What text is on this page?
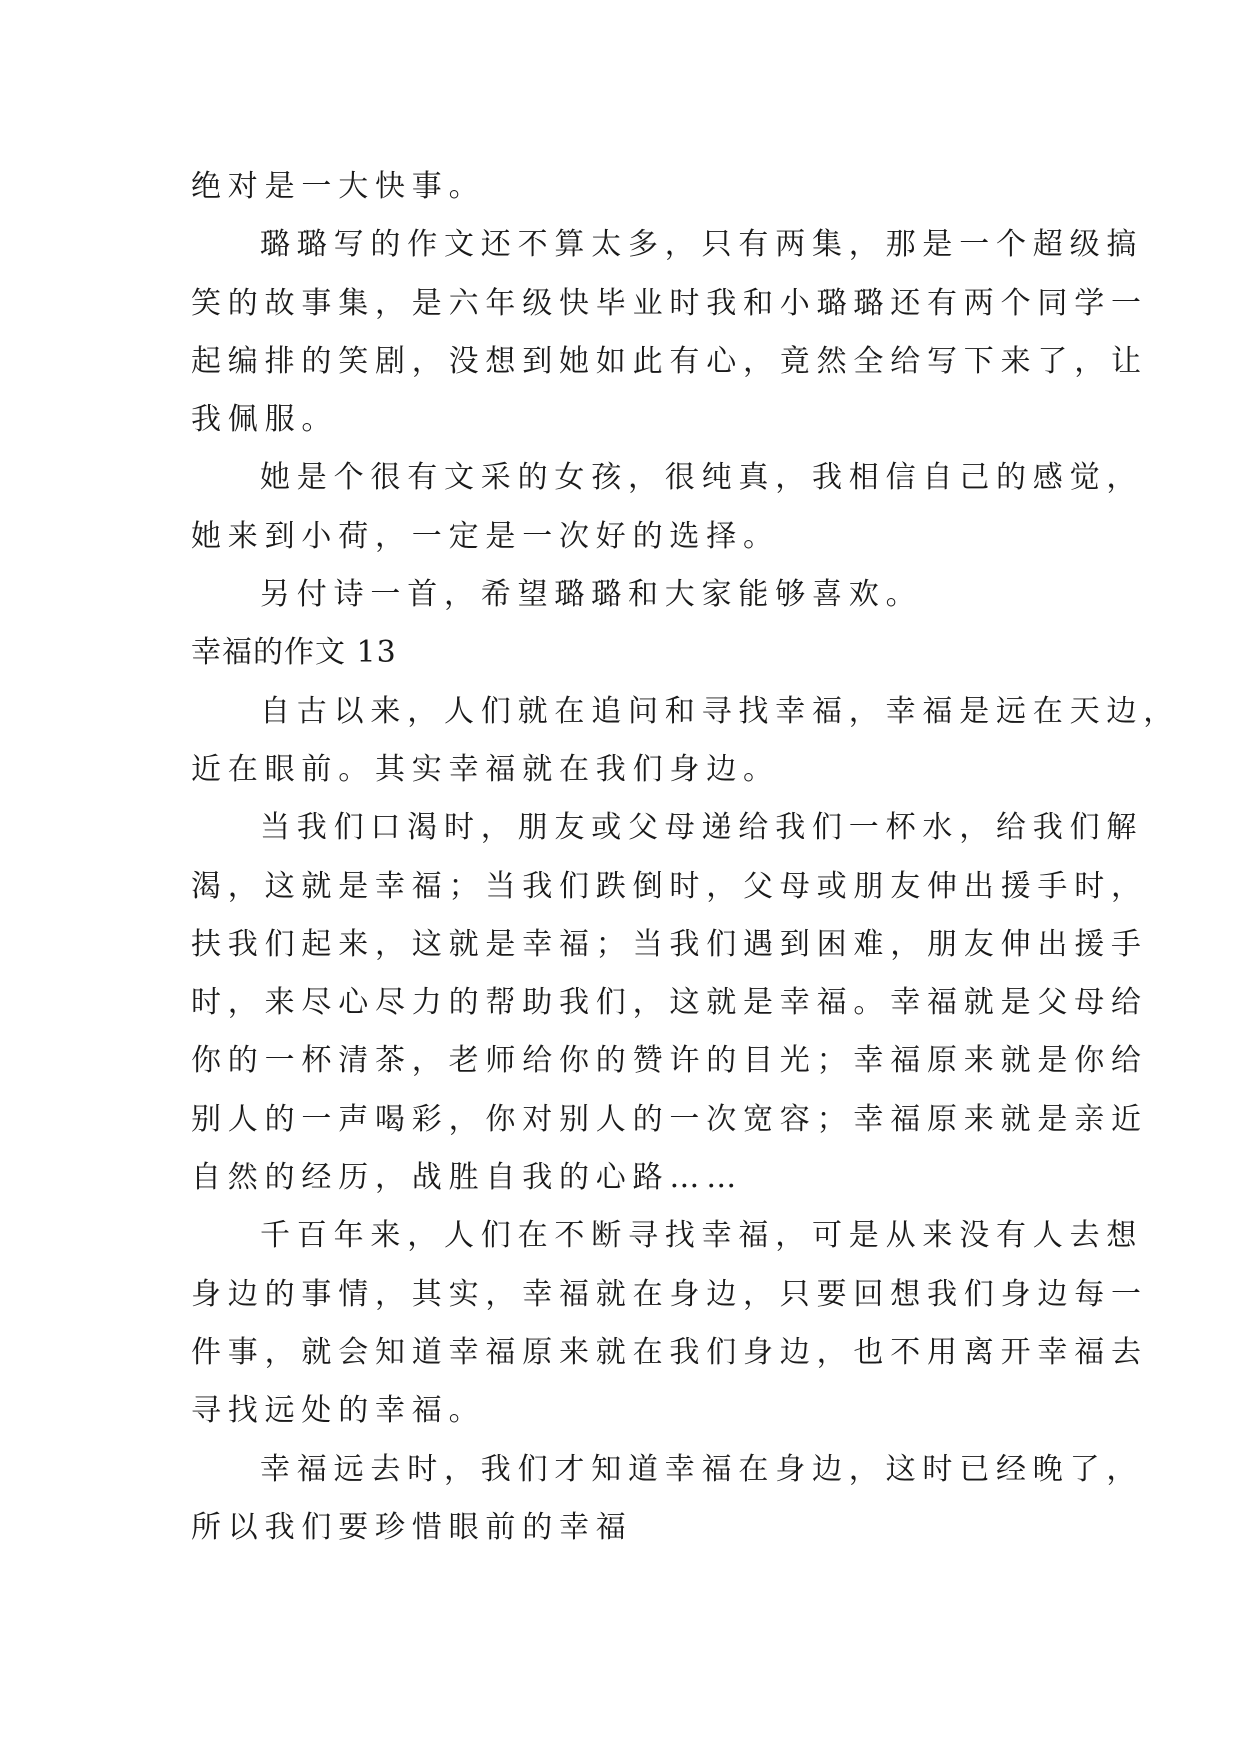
绝对是一大快事。
璐璐写的作文还不算太多，只有两集，那是一个超级搞
笑的故事集，是六年级快毕业时我和小璐璐还有两个同学一
起编排的笑剧，没想到她如此有心，竟然全给写下来了，让
我佩服。
她是个很有文采的女孩，很纯真，我相信自己的感觉，
她来到小荷，一定是一次好的选择。
另付诗一首，希望璐璐和大家能够喜欢。
幸福的作文 13
自古以来，人们就在追问和寻找幸福，幸福是远在天边，
近在眼前。其实幸福就在我们身边。
当我们口渴时，朋友或父母递给我们一杯水，给我们解
渴，这就是幸福；当我们跌倒时，父母或朋友伸出援手时，
扶我们起来，这就是幸福；当我们遇到困难，朋友伸出援手
时，来尽心尽力的帮助我们，这就是幸福。幸福就是父母给
你的一杯清茶，老师给你的赞许的目光；幸福原来就是你给
别人的一声喝彩，你对别人的一次宽容；幸福原来就是亲近
自然的经历，战胜自我的心路……
千百年来，人们在不断寻找幸福，可是从来没有人去想
身边的事情，其实，幸福就在身边，只要回想我们身边每一
件事，就会知道幸福原来就在我们身边，也不用离开幸福去
寻找远处的幸福。
幸福远去时，我们才知道幸福在身边，这时已经晚了，
所以我们要珍惜眼前的幸福
